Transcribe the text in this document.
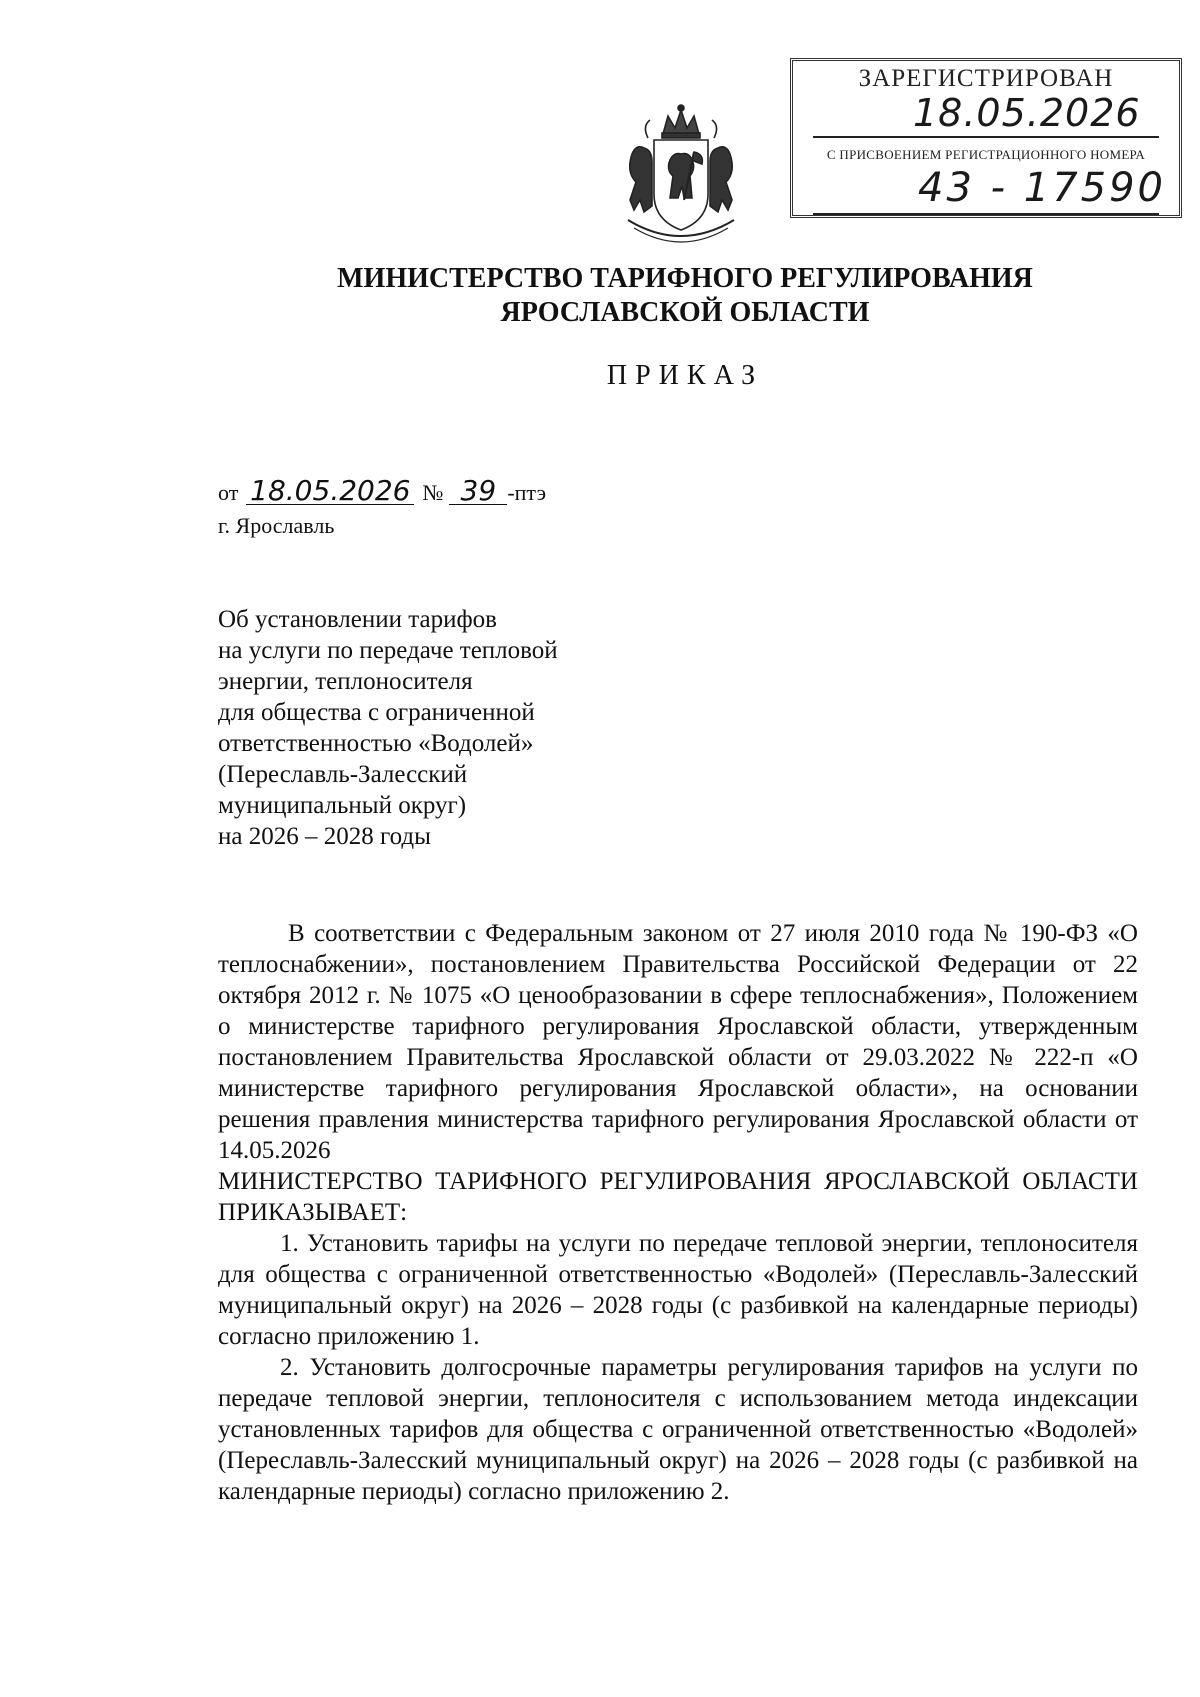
ЗАРЕГИСТРИРОВАН
18.05.2026
С ПРИСВОЕНИЕМ РЕГИСТРАЦИОННОГО НОМЕРА
43 - 17590
МИНИСТЕРСТВО ТАРИФНОГО РЕГУЛИРОВАНИЯ
ЯРОСЛАВСКОЙ ОБЛАСТИ
ПРИКАЗ
от 18.05.2026 № 39 -птэ
г. Ярославль
Об установлении тарифов
на услуги по передаче тепловой
энергии, теплоносителя
для общества с ограниченной
ответственностью «Водолей»
(Переславль-Залесский
муниципальный округ)
на 2026 – 2028 годы

В соответствии с Федеральным законом от 27 июля 2010 года № 190-ФЗ «О теплоснабжении», постановлением Правительства Российской Федерации от 22 октября 2012 г. № 1075 «О ценообразовании в сфере теплоснабжения», Положением о министерстве тарифного регулирования Ярославской области, утвержденным постановлением Правительства Ярославской области от 29.03.2022 № 222-п «О министерстве тарифного регулирования Ярославской области», на основании решения правления министерства тарифного регулирования Ярославской области от 14.05.2026

МИНИСТЕРСТВО ТАРИФНОГО РЕГУЛИРОВАНИЯ ЯРОСЛАВСКОЙ ОБЛАСТИ ПРИКАЗЫВАЕТ:

1. Установить тарифы на услуги по передаче тепловой энергии, теплоносителя для общества с ограниченной ответственностью «Водолей» (Переславль-Залесский муниципальный округ) на 2026 – 2028 годы (с разбивкой на календарные периоды) согласно приложению 1.

2. Установить долгосрочные параметры регулирования тарифов на услуги по передаче тепловой энергии, теплоносителя с использованием метода индексации установленных тарифов для общества с ограниченной ответственностью «Водолей» (Переславль-Залесский муниципальный округ) на 2026 – 2028 годы (с разбивкой на календарные периоды) согласно приложению 2.
